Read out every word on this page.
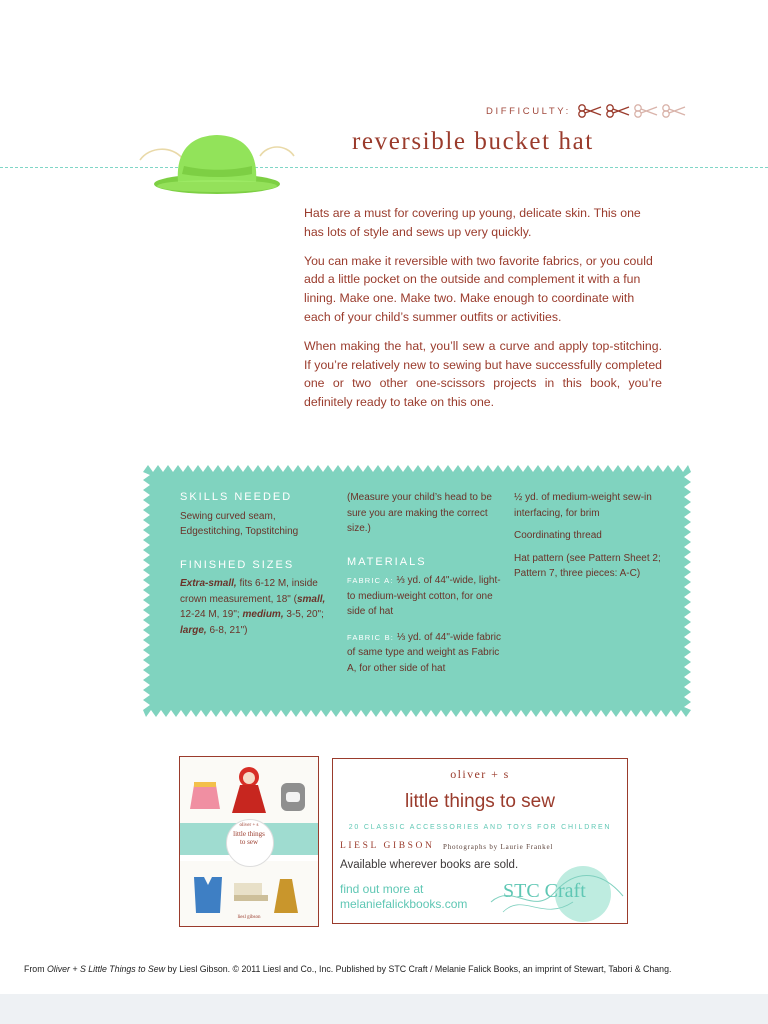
DIFFICULTY:
reversible bucket hat

Hats are a must for covering up young, delicate skin. This one has lots of style and sews up very quickly.

You can make it reversible with two favorite fabrics, or you could add a little pocket on the outside and complement it with a fun lining. Make one. Make two. Make enough to coordinate with each of your child’s summer outfits or activities.

When making the hat, you’ll sew a curve and apply top-stitching. If you’re relatively new to sewing but have successfully completed one or two other one-scissors projects in this book, you’re definitely ready to take on this one.

SKILLS NEEDED

Sewing curved seam, Edgestitching, Topstitching

FINISHED SIZES

Extra-small, fits 6-12 M, inside crown measurement, 18" (small, 12-24 M, 19"; medium, 3-5, 20"; large, 6-8, 21")

(Measure your child’s head to be sure you are making the correct size.)

MATERIALS

FABRIC A: ⅓ yd. of 44"-wide, light- to medium-weight cotton, for one side of hat

FABRIC B: ⅓ yd. of 44"-wide fabric of same type and weight as Fabric A, for other side of hat

½ yd. of medium-weight sew-in interfacing, for brim

Coordinating thread

Hat pattern (see Pattern Sheet 2; Pattern 7, three pieces: A-C)

oliver + s
little things
to sew
liesl gibson
oliver + s
little things to sew
20 CLASSIC ACCESSORIES AND TOYS FOR CHILDREN
LIESL GIBSON Photographs by Laurie Frankel
Available wherever books are sold.
STC Craft
find out more at
melaniefalickbooks.com
From Oliver + S Little Things to Sew by Liesl Gibson. © 2011 Liesl and Co., Inc. Published by STC Craft / Melanie Falick Books, an imprint of Stewart, Tabori & Chang.
